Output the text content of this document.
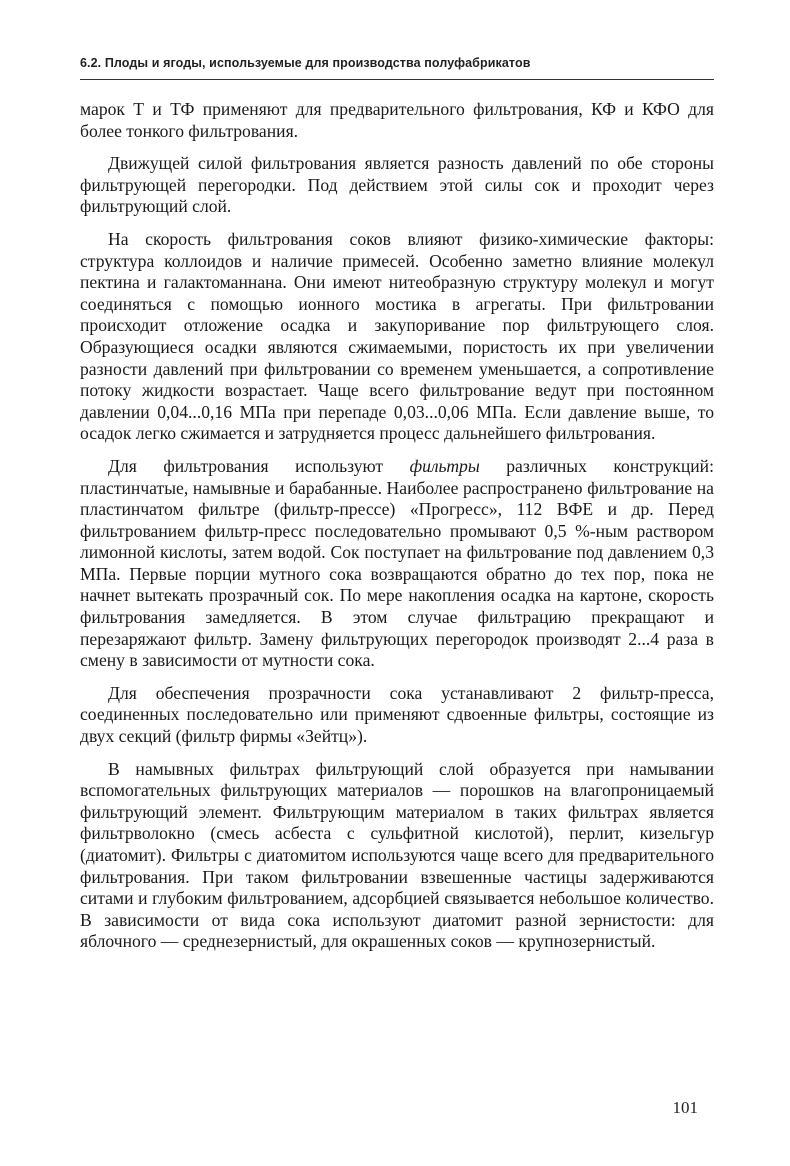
6.2. Плоды и ягоды, используемые для производства полуфабрикатов

марок Т и ТФ применяют для предварительного фильтрования, КФ и КФО для более тонкого фильтрования.

Движущей силой фильтрования является разность давлений по обе стороны фильтрующей перегородки. Под действием этой силы сок и проходит через фильтрующий слой.

На скорость фильтрования соков влияют физико-химические факторы: структура коллоидов и наличие примесей. Особенно заметно влияние молекул пектина и галактоманнана. Они имеют нитеобразную структуру молекул и могут соединяться с помощью ионного мостика в агрегаты. При фильтровании происходит отложение осадка и закупоривание пор фильтрующего слоя. Образующиеся осадки являются сжимаемыми, пористость их при увеличении разности давлений при фильтровании со временем уменьшается, а сопротивление потоку жидкости возрастает. Чаще всего фильтрование ведут при постоянном давлении 0,04...0,16 МПа при перепаде 0,03...0,06 МПа. Если давление выше, то осадок легко сжимается и затрудняется процесс дальнейшего фильтрования.

Для фильтрования используют фильтры различных конструкций: пластинчатые, намывные и барабанные. Наиболее распространено фильтрование на пластинчатом фильтре (фильтр-прессе) «Прогресс», 112 ВФЕ и др. Перед фильтрованием фильтр-пресс последовательно промывают 0,5 %-ным раствором лимонной кислоты, затем водой. Сок поступает на фильтрование под давлением 0,3 МПа. Первые порции мутного сока возвращаются обратно до тех пор, пока не начнет вытекать прозрачный сок. По мере накопления осадка на картоне, скорость фильтрования замедляется. В этом случае фильтрацию прекращают и перезаряжают фильтр. Замену фильтрующих перегородок производят 2...4 раза в смену в зависимости от мутности сока.

Для обеспечения прозрачности сока устанавливают 2 фильтр-пресса, соединенных последовательно или применяют сдвоенные фильтры, состоящие из двух секций (фильтр фирмы «Зейтц»).

В намывных фильтрах фильтрующий слой образуется при намывании вспомогательных фильтрующих материалов — порошков на влагопроницаемый фильтрующий элемент. Фильтрующим материалом в таких фильтрах является фильтрволокно (смесь асбеста с сульфитной кислотой), перлит, кизельгур (диатомит). Фильтры с диатомитом используются чаще всего для предварительного фильтрования. При таком фильтровании взвешенные частицы задерживаются ситами и глубоким фильтрованием, адсорбцией связывается небольшое количество. В зависимости от вида сока используют диатомит разной зернистости: для яблочного — среднезернистый, для окрашенных соков — крупнозернистый.

101
